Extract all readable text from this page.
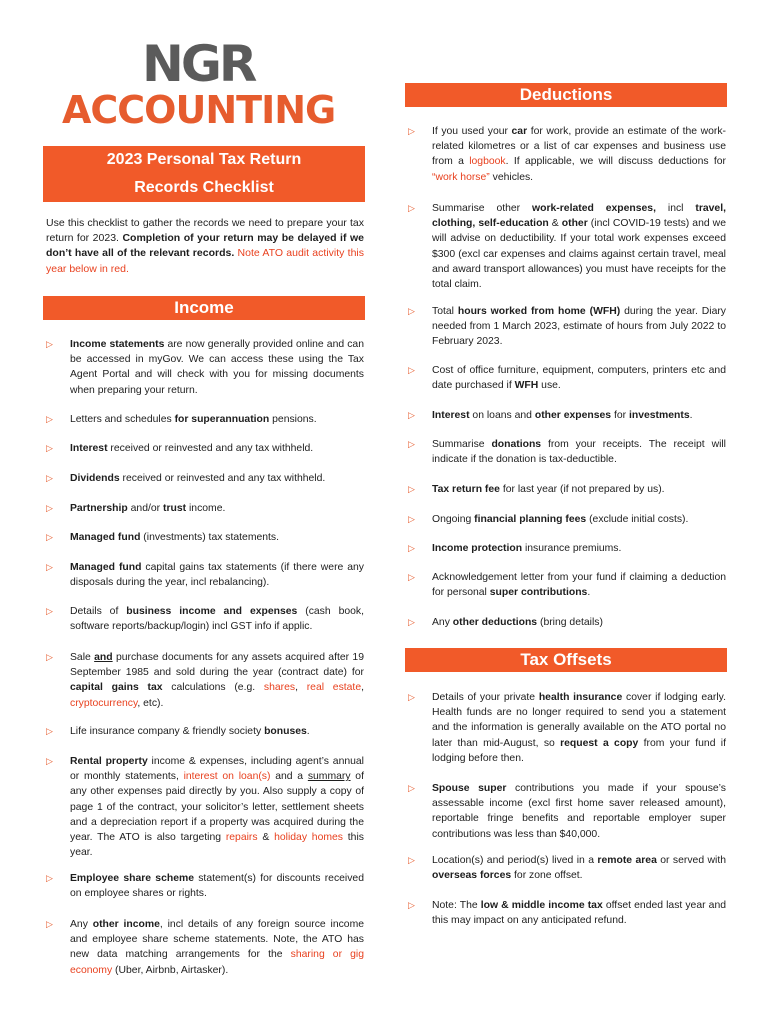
NGR
ACCOUNTING
2023 Personal Tax Return
Records Checklist
Use this checklist to gather the records we need to prepare your tax return for 2023. Completion of your return may be delayed if we don’t have all of the relevant records. Note ATO audit activity this year below in red.
Income
Deductions
Tax Offsets
▷	Income statements are now generally provided online and can be accessed in myGov. We can access these using the Tax Agent Portal and will check with you for missing documents when preparing your return.
▷	Letters and schedules for superannuation pensions.
▷	Interest received or reinvested and any tax withheld.
▷	Dividends received or reinvested and any tax withheld.
▷	Partnership and/or trust income.
▷	Managed fund (investments) tax statements.
▷	Managed fund capital gains tax statements (if there were any disposals during the year, incl rebalancing).
▷	Details of business income and expenses (cash book, software reports/backup/login) incl GST info if applic.
▷	Sale and purchase documents for any assets acquired after 19 September 1985 and sold during the year (contract date) for capital gains tax calculations (e.g. shares, real estate, cryptocurrency, etc).
▷	Life insurance company & friendly society bonuses.
▷	Rental property income & expenses, including agent’s annual or monthly statements, interest on loan(s) and a summary of any other expenses paid directly by you. Also supply a copy of page 1 of the contract, your solicitor’s letter, settlement sheets and a depreciation report if a property was acquired during the year. The ATO is also targeting repairs & holiday homes this year.
▷	Employee share scheme statement(s) for discounts received on employee shares or rights.
▷	Any other income, incl details of any foreign source income and employee share scheme statements. Note, the ATO has new data matching arrangements for the sharing or gig economy (Uber, Airbnb, Airtasker).
▷	If you used your car for work, provide an estimate of the work-related kilometres or a list of car expenses and business use from a logbook. If applicable, we will discuss deductions for “work horse” vehicles.
▷	Summarise other work-related expenses, incl travel, clothing, self-education & other (incl COVID-19 tests) and we will advise on deductibility. If your total work expenses exceed $300 (excl car expenses and claims against certain travel, meal and award transport allowances) you must have receipts for the total claim.
▷	Total hours worked from home (WFH) during the year. Diary needed from 1 March 2023, estimate of hours from July 2022 to February 2023.
▷	Cost of office furniture, equipment, computers, printers etc and date purchased if WFH use.
▷	Interest on loans and other expenses for investments.
▷	Summarise donations from your receipts. The receipt will indicate if the donation is tax-deductible.
▷	Tax return fee for last year (if not prepared by us).
▷	Ongoing financial planning fees (exclude initial costs).
▷	Income protection insurance premiums.
▷	Acknowledgement letter from your fund if claiming a deduction for personal super contributions.
▷	Any other deductions (bring details)
▷	Details of your private health insurance cover if lodging early. Health funds are no longer required to send you a statement and the information is generally available on the ATO portal no later than mid-August, so request a copy from your fund if lodging before then.
▷	Spouse super contributions you made if your spouse’s assessable income (excl first home saver released amount), reportable fringe benefits and reportable employer super contributions was less than $40,000.
▷	Location(s) and period(s) lived in a remote area or served with overseas forces for zone offset.
▷	Note: The low & middle income tax offset ended last year and this may impact on any anticipated refund.
